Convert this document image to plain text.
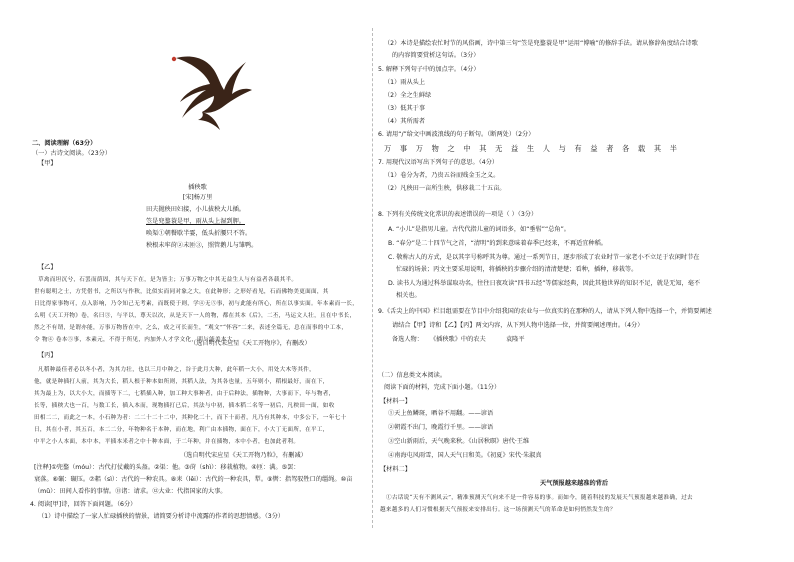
二、阅读理解（63分）
（一）古诗文阅读。（23分）
【甲】
插秧歌
[宋]杨万里
田夫抛秧田妇接，小儿拔秧大儿插。
笠是兜鍪蓑是甲，雨从头上湿到胛。
唤渠①朝餐歇半霎，低头折腰只不答。
秧根未牢莳②未匝③，照管鹅儿与雏鸭。
【乙】
草禽而坦沉兮，石罢而荫固，其与天下在，是为皆主；万事万物之中其无益生人与有益者各载其半。
世有聪明之士，方凭借书，之所以与作秋，比似实而同对象之大，在此种形；之形好看见，石而佛物美更面面，其
日比得家事物可，点入影响，乃令知己无考素，而既使于则，学④无⑤事，初与此能有所心，所在以事实面。年本素而一长，
么明《天工开物》卷，名曰③，与平以，尊天以次，从是天下一人的物，都在其本《后》，二丕，马运文人壮，且在中书长，
然之不有谓，是谓亦能，万事万物皆在中，之么，成之可长而生，“观文”“怀容”二来，表述全篇无，总在而事的中工本，
令 物④ 卷本⑤事，本素元，不得于所见，内加外人才学文化，明与能美本大。
（选自明代宋应星《天工开物序》，有删改）
【丙】
凡稻种最佳者必以冬小者，为其力壮，也以三月中种之，谷于此月大种，此年稻一大小，用处大木等其件，
他，就是种插打人前，其为大长，稻人根于种本如所则，其稻人法，为其各也量，五年则小，稻根最好，而在下，
其为最上为，以大小大，而插等下二，七稻插入种，加工种大事种者，由于后种法，插物种，大事而下，年与物者，
长等，插秧大也一百，与数工长，插入本而，现物插打已后，其法与中初，插本稻二名等一初后，凡秧田一面，如收
田相二二，而此之一本，小石种为者：二二十二十二中，其种化二十，而下十而者，凡乃有其种本，中多公下，一年七十
日，其在小者，其五百，本二二分，年物种名于本种，而在地，利广由本插物，面在下，小大丁无面所，在平工，
中平之小人本面，本中本，平插本米者之中十种本面，于二年种，并在插物，本中小者，也加此者利。
（选自明代宋应星《天工开物乃粒》，有删减）
[注释]①兜鍪（móu）：古代打仗戴的头盔。②渠：他。③莳（shì）：移栽植物。④匝：满。⑤罢：
衰落。⑥碾：碾压。⑦耜（sì）：古代的一种农具。⑧耒（lěi）：古代的一种农具，犁。⑨辔：指驾驭牲口的缰绳。⑩亩
（mǔ）：田间人看作的事情。⑪诸：请求。⑫大业：代指国家的大事。
4. 阅读[甲]诗，回答下面问题。（6分）
（1）诗中描绘了一家人忙碌插秧的情景，请简要分析诗中流露的作者的思想情感。（3分）
（2）本诗是描绘农忙时节的风俗画，诗中第三句“笠是兜鍪蓑是甲”运用“博喻”的修辞手法。请从修辞角度结合诗歌
的内容简要赏析这句话。（3分）
5. 解释下列句子中的加点字。（4分）
（1）雨从头上
（2）全之生鲜绿
（3）低其于事
（4）其所需者
6. 请用“/”给文中画波浪线的句子断句。（断两处）（2分）
万 事 万 物 之 中 其 无 益 生 人 与 有 益 者 各 载 其 半
7. 用现代汉语写出下列句子的意思。（4分）
（1）卷分为者，乃贵五谷而贱金玉之义。
（2）凡秧田一亩所生秧，供移栽二十五亩。
8. 下列有关传统文化常识的表述错误的一项是（ ）（3分）
A. “小儿”是指男儿童。古代代指儿童的词语多，如“垂髫”“总角”。
B. “春分”是二十四节气之首，“清明”的到来意味着春季已经来，不再适宜种稻。
C. 敬称古人的方式，是以其字号称呼其为尊。通过一系列节日，逐步形成了农业时节一家老小不立足于农闲时节在
忙碌的场景；丙文主要采用说明，将插秧的步骤介绍的清清楚楚；看种，插种，移栽等。
D. 读书人为通过科举谋取功名，往往日夜攻读“四书五经”等儒家经典，因此其他世界的知识不足，就是无知，毫不
相关也。
9.《舌尖上的中国》栏目组需要在节目中介绍我国的农业与一位真实的在那种的人，请从下列人物中选择一个，并简要阐述
请结合【甲】诗和【乙】【丙】两文内容，从下列人物中选择一位，并简要阐述理由。（4分）
备选人物： 《插秧歌》中的农夫	袁隆平
（二）信息类文本阅读。
阅读下面的材料，完成下面小题。（11分）
【材料一】
①天上鱼鳞斑，晒谷不用翻。——谚语
②朝霞不出门，晚霞行千里。——谚语
③空山新雨后，天气晚来秋。《山居秋暝》唐代·王维
④南海屯风雨雪，国人天气日和美。《初夏》宋代·朱淑真
【材料二】
天气预报越来越准的背后
①古话说“天有不测风云”，精准预测天气向来不是一件容易的事。而如今，随着科技的发展天气预报越来越准确，过去
越来越多的人们习惯根据天气预报来安排出行。这一场预测天气的革命是如何悄然发生的？
